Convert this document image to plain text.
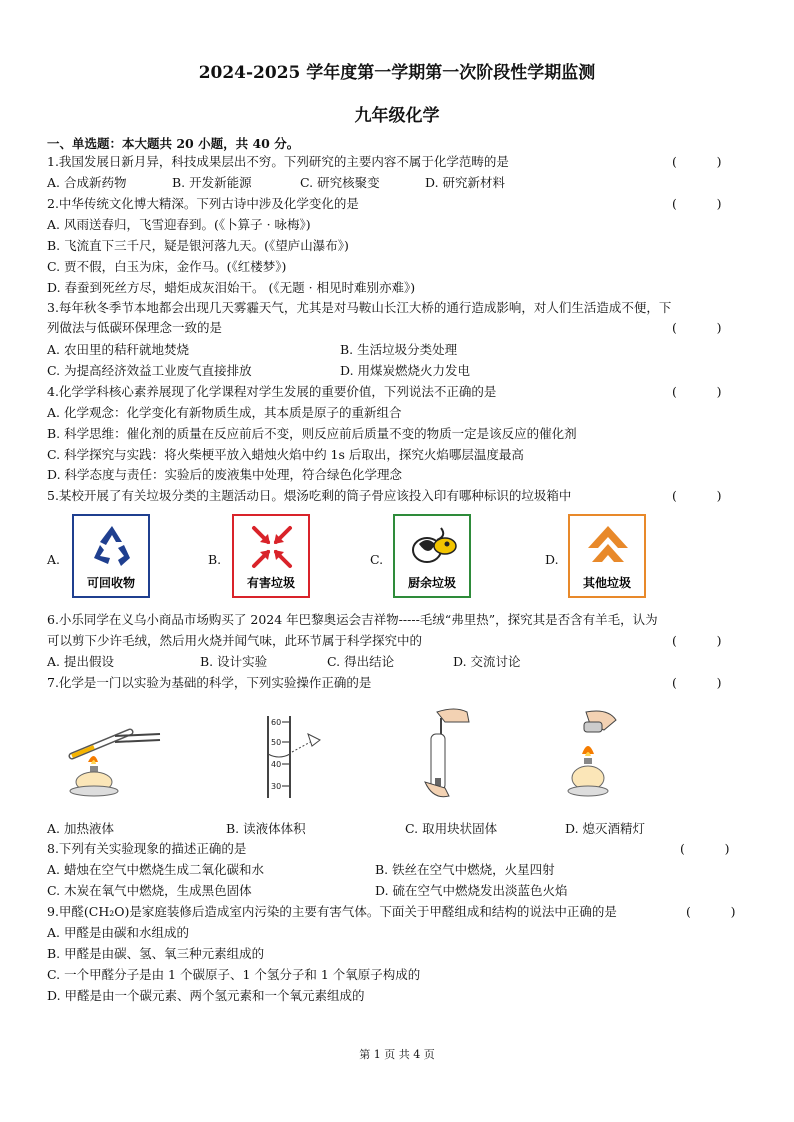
2024-2025 学年度第一学期第一次阶段性学期监测
九年级化学
一、单选题：本大题共 20 小题，共 40 分。
1.我国发展日新月异，科技成果层出不穷。下列研究的主要内容不属于化学范畴的是	(          )
A. 合成新药物	B. 开发新能源	C. 研究核聚变	D. 研究新材料
2.中华传统文化博大精深。下列古诗中涉及化学变化的是	(          )
A. 风雨送春归，飞雪迎春到。(《卜算子 · 咏梅》)
B. 飞流直下三千尺，疑是银河落九天。(《望庐山瀑布》)
C. 贾不假，白玉为床，金作马。(《红楼梦》)
D. 春蚕到死丝方尽，蜡炬成灰泪始干。 (《无题 · 相见时难别亦难》)
3.每年秋冬季节本地都会出现几天雾霾天气，尤其是对马鞍山长江大桥的通行造成影响，对人们生活造成不便，下
列做法与低碳环保理念一致的是	(          )
A. 农田里的秸秆就地焚烧	B. 生活垃圾分类处理
C. 为提高经济效益工业废气直接排放	D. 用煤炭燃烧火力发电
4.化学学科核心素养展现了化学课程对学生发展的重要价值，下列说法不正确的是	(          )
A. 化学观念：化学变化有新物质生成，其本质是原子的重新组合
B. 科学思维：催化剂的质量在反应前后不变，则反应前后质量不变的物质一定是该反应的催化剂
C. 科学探究与实践：将火柴梗平放入蜡烛火焰中约 1s 后取出，探究火焰哪层温度最高
D. 科学态度与责任：实验后的废液集中处理，符合绿色化学理念
5.某校开展了有关垃圾分类的主题活动日。煨汤吃剩的筒子骨应该投入印有哪种标识的垃圾箱中	(          )
A.
可回收物
B.
有害垃圾
C.
厨余垃圾
D.
其他垃圾
6.小乐同学在义乌小商品市场购买了 2024 年巴黎奥运会吉祥物-----毛绒“弗里热”，探究其是否含有羊毛，认为
可以剪下少许毛绒，然后用火烧并闻气味，此环节属于科学探究中的	(          )
A. 提出假设	B. 设计实验	C. 得出结论	D. 交流讨论
7.化学是一门以实验为基础的科学，下列实验操作正确的是	(          )
60
50
40
30
A. 加热液体	B. 读液体体积	C. 取用块状固体	D. 熄灭酒精灯
8.下列有关实验现象的描述正确的是	(          )
A. 蜡烛在空气中燃烧生成二氧化碳和水	B. 铁丝在空气中燃烧，火星四射
C. 木炭在氧气中燃烧，生成黑色固体	D. 硫在空气中燃烧发出淡蓝色火焰
9.甲醛(CH₂O)是家庭装修后造成室内污染的主要有害气体。下面关于甲醛组成和结构的说法中正确的是	(          )
A. 甲醛是由碳和水组成的
B. 甲醛是由碳、氢、氧三种元素组成的
C. 一个甲醛分子是由 1 个碳原子、1 个氢分子和 1 个氧原子构成的
D. 甲醛是由一个碳元素、两个氢元素和一个氧元素组成的
第 1 页 共 4 页
